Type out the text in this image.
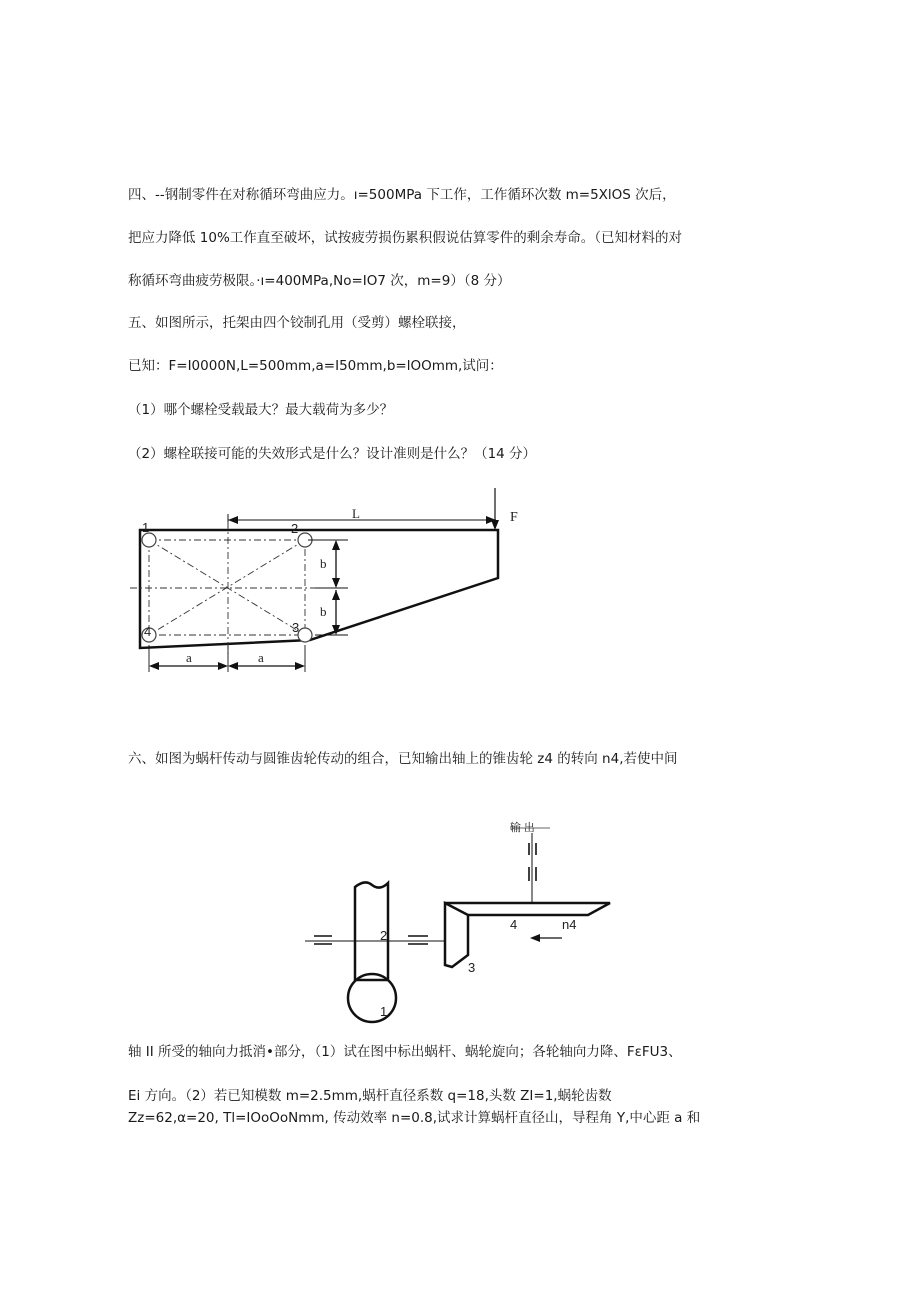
四、--钢制零件在对称循环弯曲应力。ı=500MPa 下工作，工作循环次数 m=5XlOS 次后，
把应力降低 10%工作直至破坏，试按疲劳损伤累积假说估算零件的剩余寿命。（已知材料的对
称循环弯曲疲劳极限。·ı=400MPa,No=IO7 次，m=9）（8 分）
五、如图所示，托架由四个铰制孔用（受剪）螺栓联接，
已知：F=I0000N,L=500mm,a=I50mm,b=lOOmm,试问：
（1）哪个螺栓受载最大？最大载荷为多少？
（2）螺栓联接可能的失效形式是什么？设计准则是什么？（14 分）
F
L
1	2
3
4
b
b
a	a
六、如图为蜗杆传动与圆锥齿轮传动的组合，已知输出轴上的锥齿轮 z4 的转向 n4,若使中间
输 出
1
2
3
4	n4
轴 II 所受的轴向力抵消•部分，（1）试在图中标出蜗杆、蜗轮旋向；各轮轴向力降、FεFU3、
Ei 方向。（2）若已知模数 m=2.5mm,蜗杆直径系数 q=18,头数 ZI=1,蜗轮齿数
Zz=62,α=20, Tl=IOoOoNmm, 传动效率 n=0.8,试求计算蜗杆直径山，导程角 Y,中心距 a 和
